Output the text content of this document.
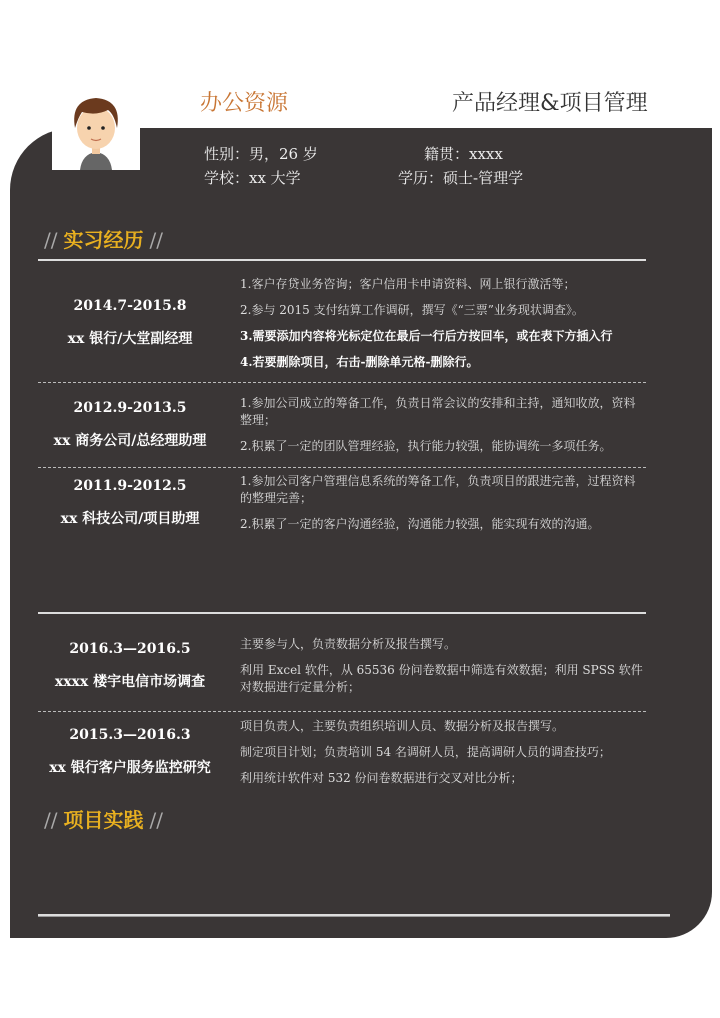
办公资源	产品经理&项目管理
性别：男，26 岁	籍贯：xxxx
学校：xx 大学	学历：硕士-管理学
// 实习经历 //
2014.7-2015.8
xx 银行/大堂副经理
1.客户存贷业务咨询；客户信用卡申请资料、网上银行激活等；
2.参与 2015 支付结算工作调研，撰写《“三票”业务现状调查》。
3.需要添加内容将光标定位在最后一行后方按回车，或在表下方插入行
4.若要删除项目，右击-删除单元格-删除行。
2012.9-2013.5
xx 商务公司/总经理助理
1.参加公司成立的筹备工作，负责日常会议的安排和主持，通知收放，资料整理；
2.积累了一定的团队管理经验，执行能力较强，能协调统一多项任务。
2011.9-2012.5
xx 科技公司/项目助理
1.参加公司客户管理信息系统的筹备工作，负责项目的跟进完善，过程资料的整理完善；
2.积累了一定的客户沟通经验，沟通能力较强，能实现有效的沟通。
2016.3—2016.5
xxxx 楼宇电信市场调查
主要参与人，负责数据分析及报告撰写。
利用 Excel 软件，从 65536 份问卷数据中筛选有效数据；利用 SPSS 软件对数据进行定量分析；
2015.3—2016.3
xx 银行客户服务监控研究
项目负责人，主要负责组织培训人员、数据分析及报告撰写。
制定项目计划；负责培训 54 名调研人员，提高调研人员的调查技巧；
利用统计软件对 532 份问卷数据进行交叉对比分析；
// 项目实践 //
